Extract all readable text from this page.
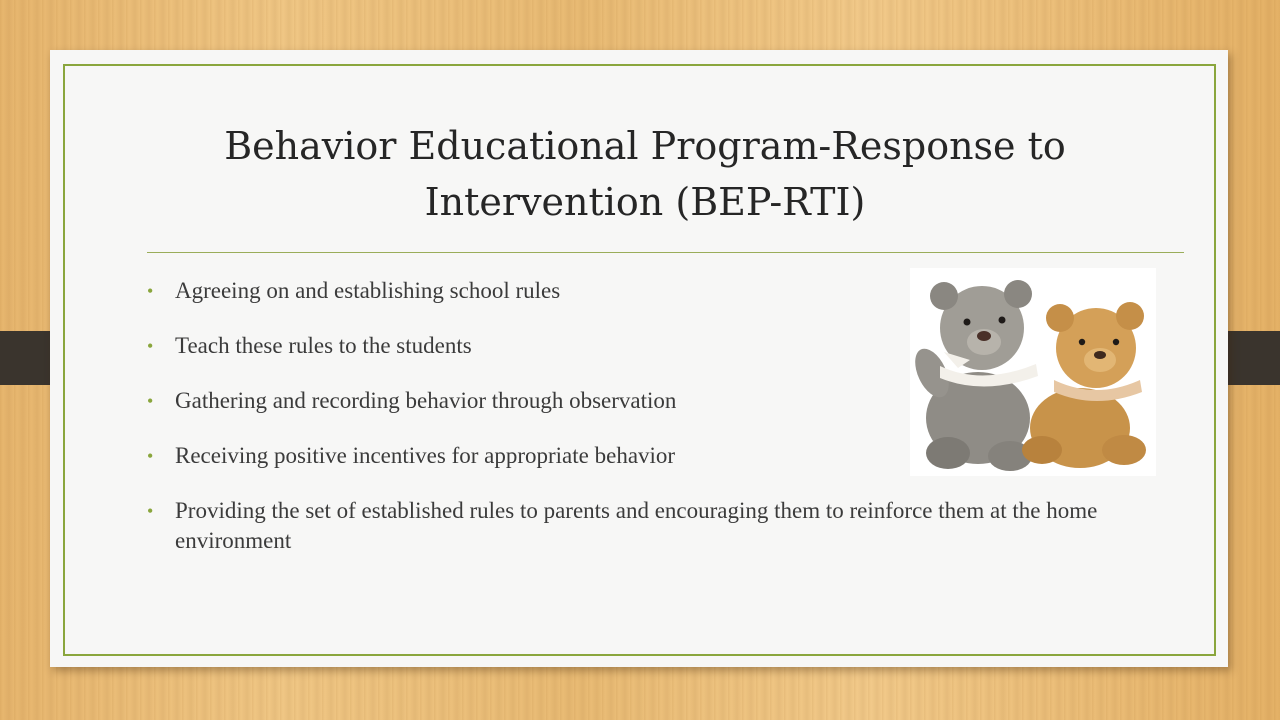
Behavior Educational Program-Response to Intervention (BEP-RTI)
• Agreeing on and establishing school rules
• Teach these rules to the students
• Gathering and recording behavior through observation
• Receiving positive incentives for appropriate behavior
• Providing the set of established rules to parents and encouraging them to reinforce them at the home environment
